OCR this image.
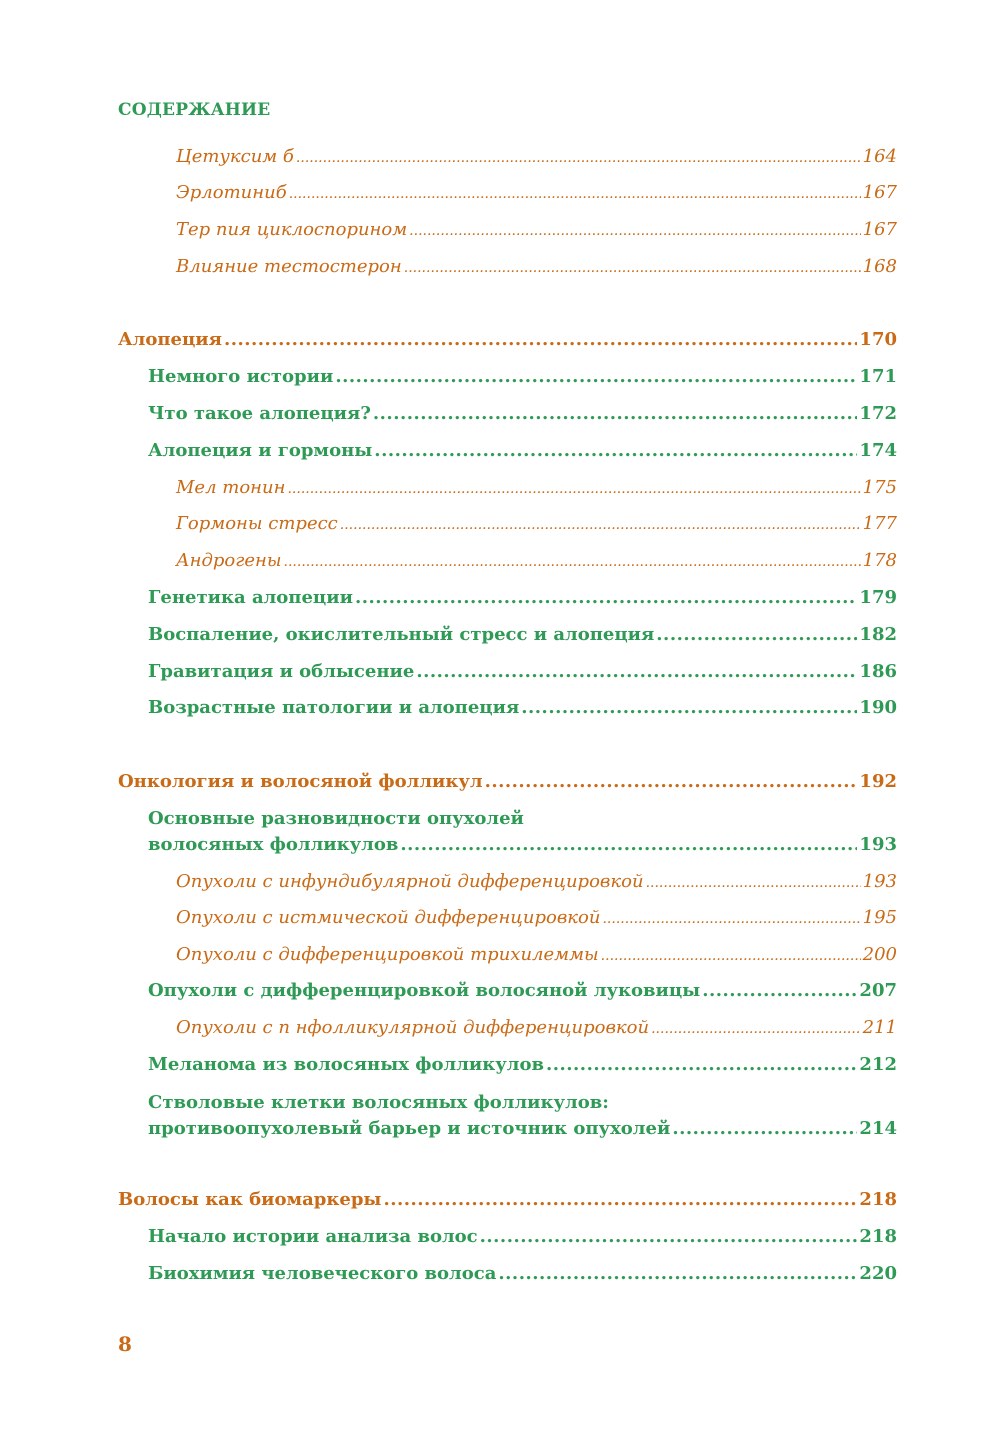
СОДЕРЖАНИЕ
Цетуксим б .....	164
Эрлотиниб .....	167
Тер пия циклоспорином .....	167
Влияние тестостерон .....	168
Алопеция .....	170
Немного истории .....	171
Что такое алопеция? .....	172
Алопеция и гормоны .....	174
Мел тонин .....	175
Гормоны стресс .....	177
Андрогены .....	178
Генетика алопеции .....	179
Воспаление, окислительный стресс и алопеция .....	182
Гравитация и облысение .....	186
Возрастные патологии и алопеция .....	190
Онкология и волосяной фолликул .....	192
Основные разновидности опухолей
волосяных фолликулов .....	193
Опухоли с инфундибулярной дифференцировкой .....	193
Опухоли с истмической дифференцировкой .....	195
Опухоли с дифференцировкой трихилеммы .....	200
Опухоли с дифференцировкой волосяной луковицы .....	207
Опухоли с п нфолликулярной дифференцировкой .....	211
Меланома из волосяных фолликулов .....	212
Стволовые клетки волосяных фолликулов:
противоопухолевый барьер и источник опухолей .....	214
Волосы как биомаркеры .....	218
Начало истории анализа волос .....	218
Биохимия человеческого волоса .....	220
8
